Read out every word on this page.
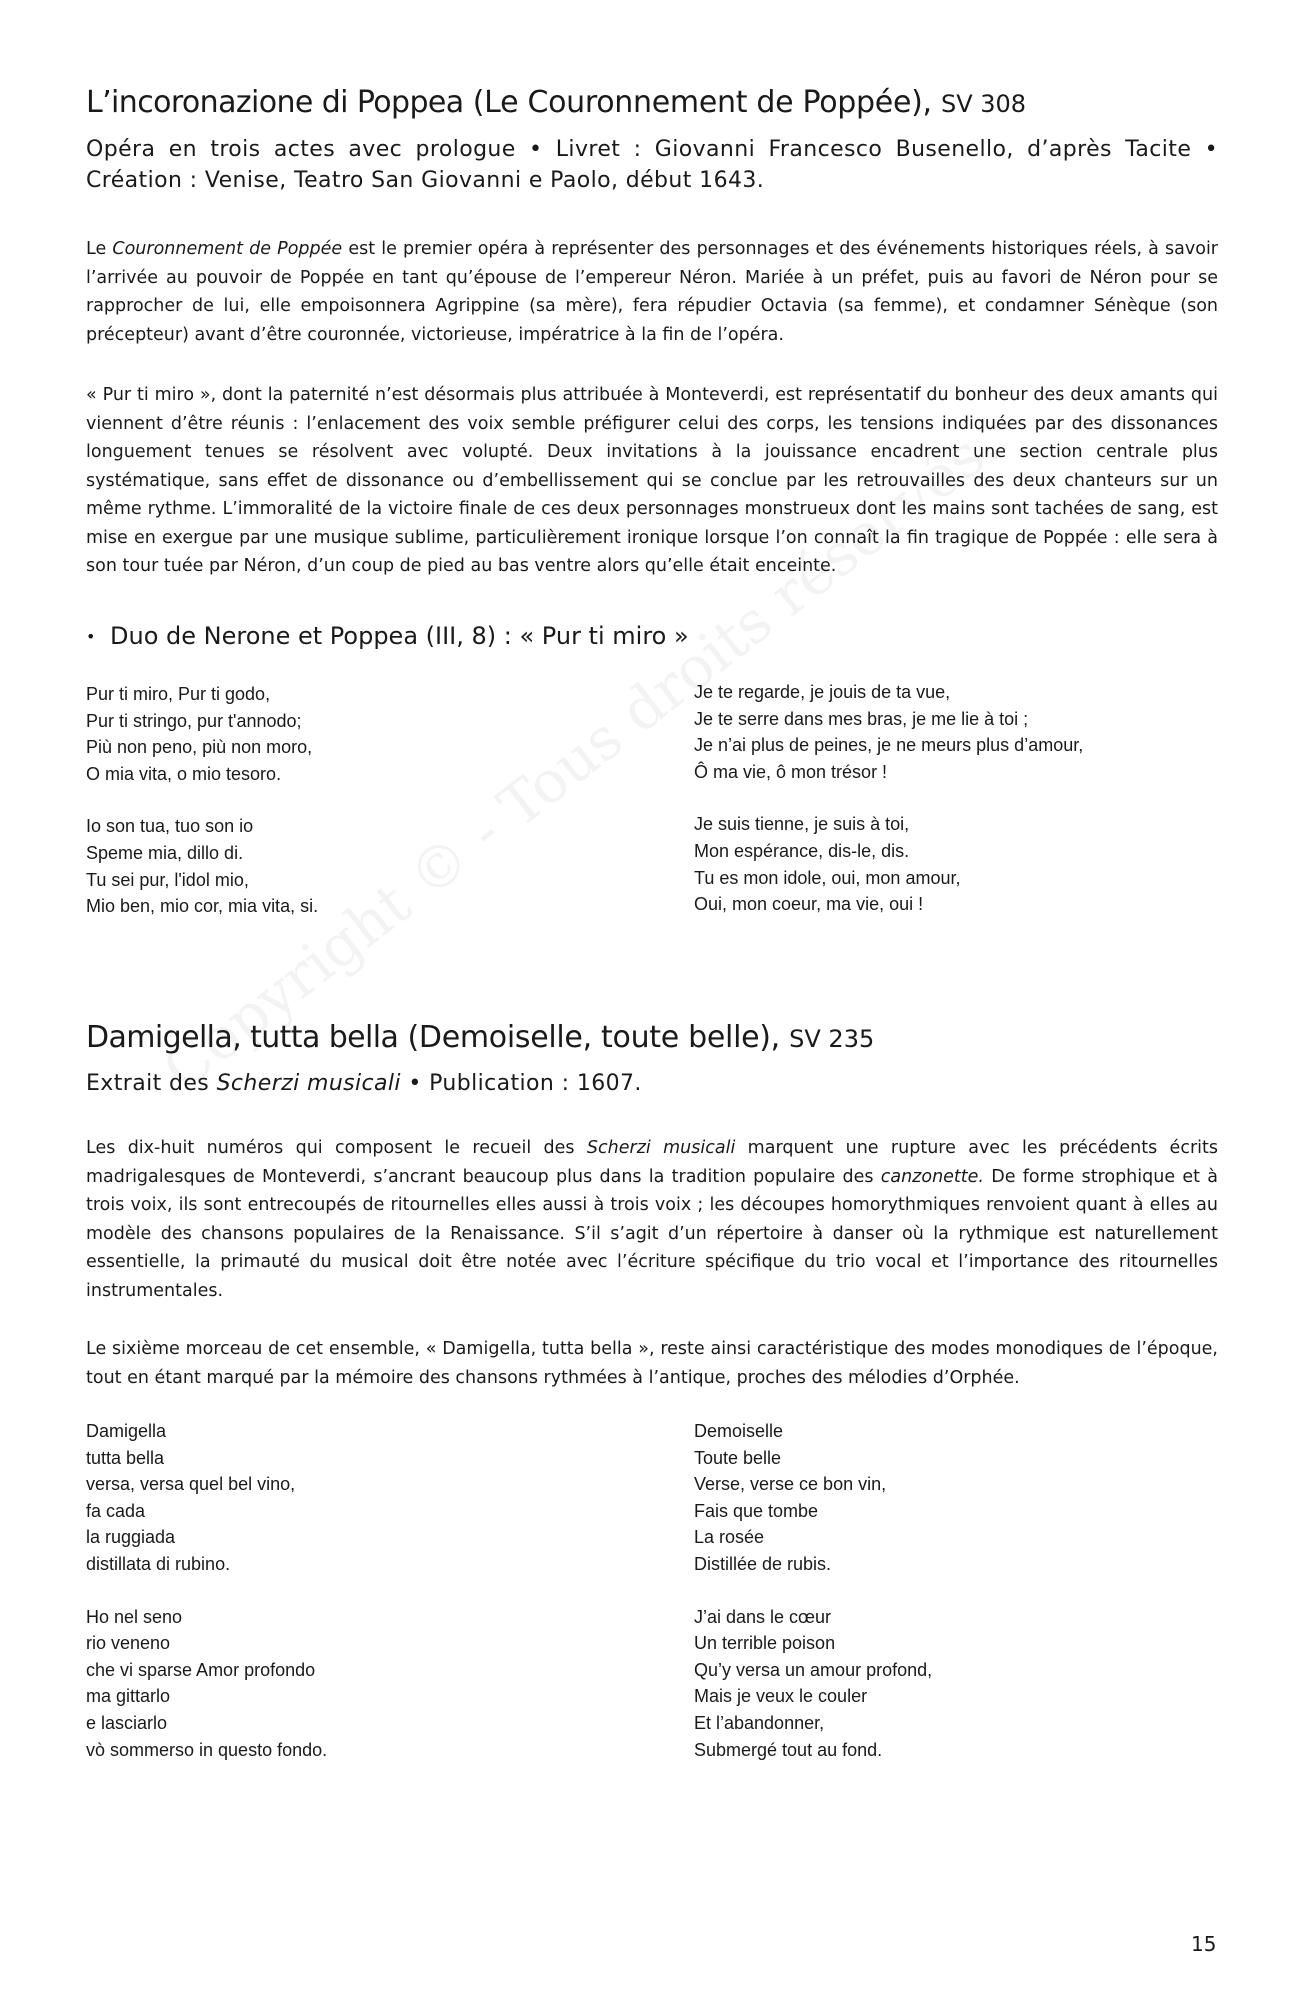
L’incoronazione di Poppea (Le Couronnement de Poppée), SV 308
Opéra en trois actes avec prologue • Livret : Giovanni Francesco Busenello, d’après Tacite •
Création : Venise, Teatro San Giovanni e Paolo, début 1643.
Le Couronnement de Poppée est le premier opéra à représenter des personnages et des événements historiques réels, à savoir l’arrivée au pouvoir de Poppée en tant qu’épouse de l’empereur Néron. Mariée à un préfet, puis au favori de Néron pour se rapprocher de lui, elle empoisonnera Agrippine (sa mère), fera répudier Octavia (sa femme), et condamner Sénèque (son précepteur) avant d’être couronnée, victorieuse, impératrice à la fin de l’opéra.
« Pur ti miro », dont la paternité n’est désormais plus attribuée à Monteverdi, est représentatif du bonheur des deux amants qui viennent d’être réunis : l’enlacement des voix semble préfigurer celui des corps, les tensions indiquées par des dissonances longuement tenues se résolvent avec volupté. Deux invitations à la jouissance encadrent une section centrale plus systématique, sans effet de dissonance ou d’embellissement qui se conclue par les retrouvailles des deux chanteurs sur un même rythme. L’immoralité de la victoire finale de ces deux personnages monstrueux dont les mains sont tachées de sang, est mise en exergue par une musique sublime, particulièrement ironique lorsque l’on connaît la fin tragique de Poppée : elle sera à son tour tuée par Néron, d’un coup de pied au bas ventre alors qu’elle était enceinte.
• Duo de Nerone et Poppea (III, 8) : « Pur ti miro »
Pur ti miro, Pur ti godo,
Pur ti stringo, pur t'annodo;
Più non peno, più non moro,
O mia vita, o mio tesoro.
Io son tua, tuo son io
Speme mia, dillo di.
Tu sei pur, l'idol mio,
Mio ben, mio cor, mia vita, si.
Je te regarde, je jouis de ta vue,
Je te serre dans mes bras, je me lie à toi ;
Je n’ai plus de peines, je ne meurs plus d’amour,
Ô ma vie, ô mon trésor !
Je suis tienne, je suis à toi,
Mon espérance, dis-le, dis.
Tu es mon idole, oui, mon amour,
Oui, mon coeur, ma vie, oui !
Damigella, tutta bella (Demoiselle, toute belle), SV 235
Extrait des Scherzi musicali • Publication : 1607.
Les dix-huit numéros qui composent le recueil des Scherzi musicali marquent une rupture avec les précédents écrits madrigalesques de Monteverdi, s’ancrant beaucoup plus dans la tradition populaire des canzonette. De forme strophique et à trois voix, ils sont entrecoupés de ritournelles elles aussi à trois voix ; les découpes homorythmiques renvoient quant à elles au modèle des chansons populaires de la Renaissance. S’il s’agit d’un répertoire à danser où la rythmique est naturellement essentielle, la primauté du musical doit être notée avec l’écriture spécifique du trio vocal et l’importance des ritournelles instrumentales.
Le sixième morceau de cet ensemble, « Damigella, tutta bella », reste ainsi caractéristique des modes monodiques de l’époque, tout en étant marqué par la mémoire des chansons rythmées à l’antique, proches des mélodies d’Orphée.
Damigella
tutta bella
versa, versa quel bel vino,
fa cada
la ruggiada
distillata di rubino.
Ho nel seno
rio veneno
che vi sparse Amor profondo
ma gittarlo
e lasciarlo
vò sommerso in questo fondo.
Demoiselle
Toute belle
Verse, verse ce bon vin,
Fais que tombe
La rosée
Distillée de rubis.
J’ai dans le cœur
Un terrible poison
Qu’y versa un amour profond,
Mais je veux le couler
Et l’abandonner,
Submergé tout au fond.
15
